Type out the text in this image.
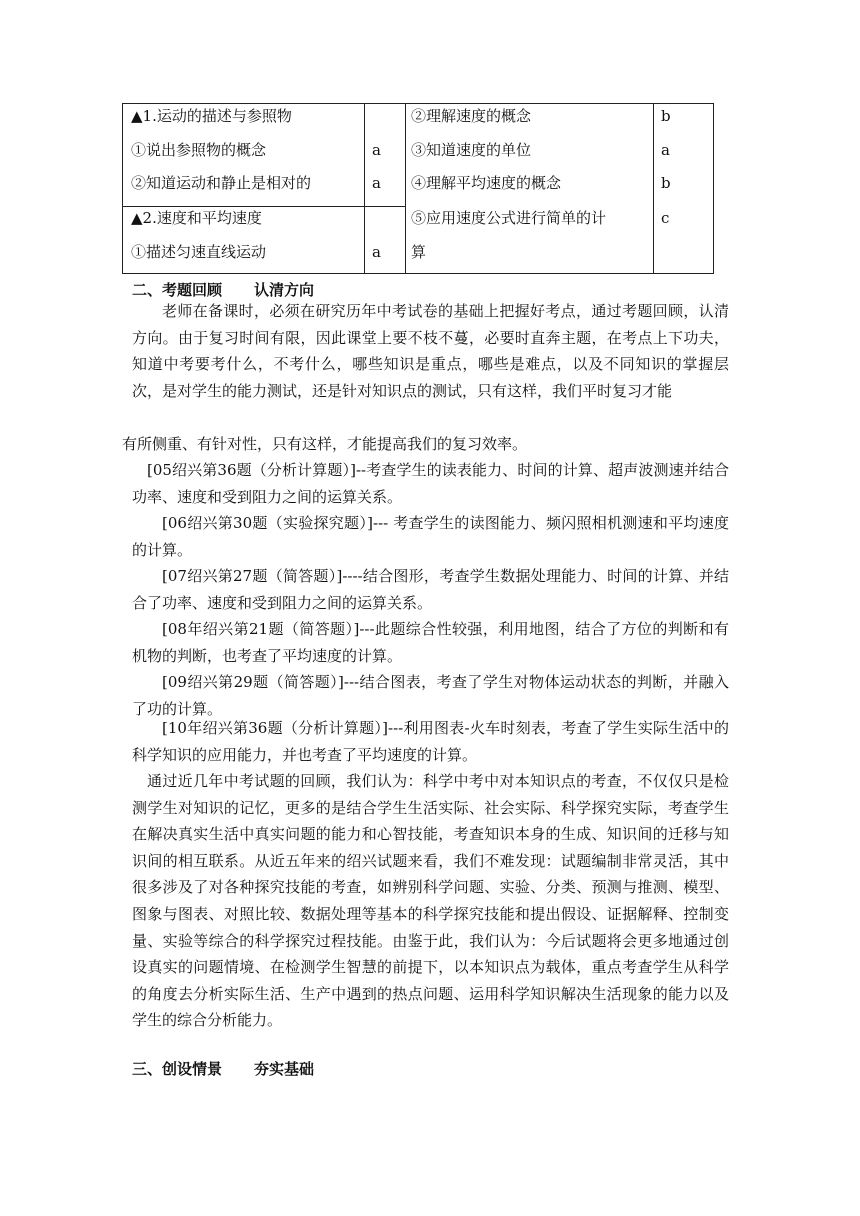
▲1.运动的描述与参照物
①说出参照物的概念
②知道运动和静止是相对的
▲2.速度和平均速度
①描述匀速直线运动
a
a
a
②理解速度的概念
③知道速度的单位
④理解平均速度的概念
⑤应用速度公式进行简单的计
算
b
a
b
c
二、考题回顾 认清方向

老师在备课时，必须在研究历年中考试卷的基础上把握好考点，通过考题回顾，认清方向。由于复习时间有限，因此课堂上要不枝不蔓，必要时直奔主题，在考点上下功夫，知道中考要考什么，不考什么，哪些知识是重点，哪些是难点，以及不同知识的掌握层次，是对学生的能力测试，还是针对知识点的测试，只有这样，我们平时复习才能

有所侧重、有针对性，只有这样，才能提高我们的复习效率。

[05绍兴第36题（分析计算题）]--考查学生的读表能力、时间的计算、超声波测速并结合功率、速度和受到阻力之间的运算关系。

[06绍兴第30题（实验探究题）]--- 考查学生的读图能力、频闪照相机测速和平均速度的计算。

[07绍兴第27题（简答题）]----结合图形，考查学生数据处理能力、时间的计算、并结合了功率、速度和受到阻力之间的运算关系。

[08年绍兴第21题（简答题）]---此题综合性较强，利用地图，结合了方位的判断和有机物的判断，也考查了平均速度的计算。

[09绍兴第29题（简答题）]---结合图表，考查了学生对物体运动状态的判断，并融入了功的计算。

[10年绍兴第36题（分析计算题）]---利用图表-火车时刻表，考查了学生实际生活中的科学知识的应用能力，并也考查了平均速度的计算。

通过近几年中考试题的回顾，我们认为：科学中考中对本知识点的考查，不仅仅只是检测学生对知识的记忆，更多的是结合学生生活实际、社会实际、科学探究实际，考查学生在解决真实生活中真实问题的能力和心智技能，考查知识本身的生成、知识间的迁移与知识间的相互联系。从近五年来的绍兴试题来看，我们不难发现：试题编制非常灵活，其中很多涉及了对各种探究技能的考查，如辨别科学问题、实验、分类、预测与推测、模型、图象与图表、对照比较、数据处理等基本的科学探究技能和提出假设、证据解释、控制变量、实验等综合的科学探究过程技能。由鉴于此，我们认为：今后试题将会更多地通过创设真实的问题情境、在检测学生智慧的前提下，以本知识点为载体，重点考查学生从科学的角度去分析实际生活、生产中遇到的热点问题、运用科学知识解决生活现象的能力以及学生的综合分析能力。

三、创设情景 夯实基础
